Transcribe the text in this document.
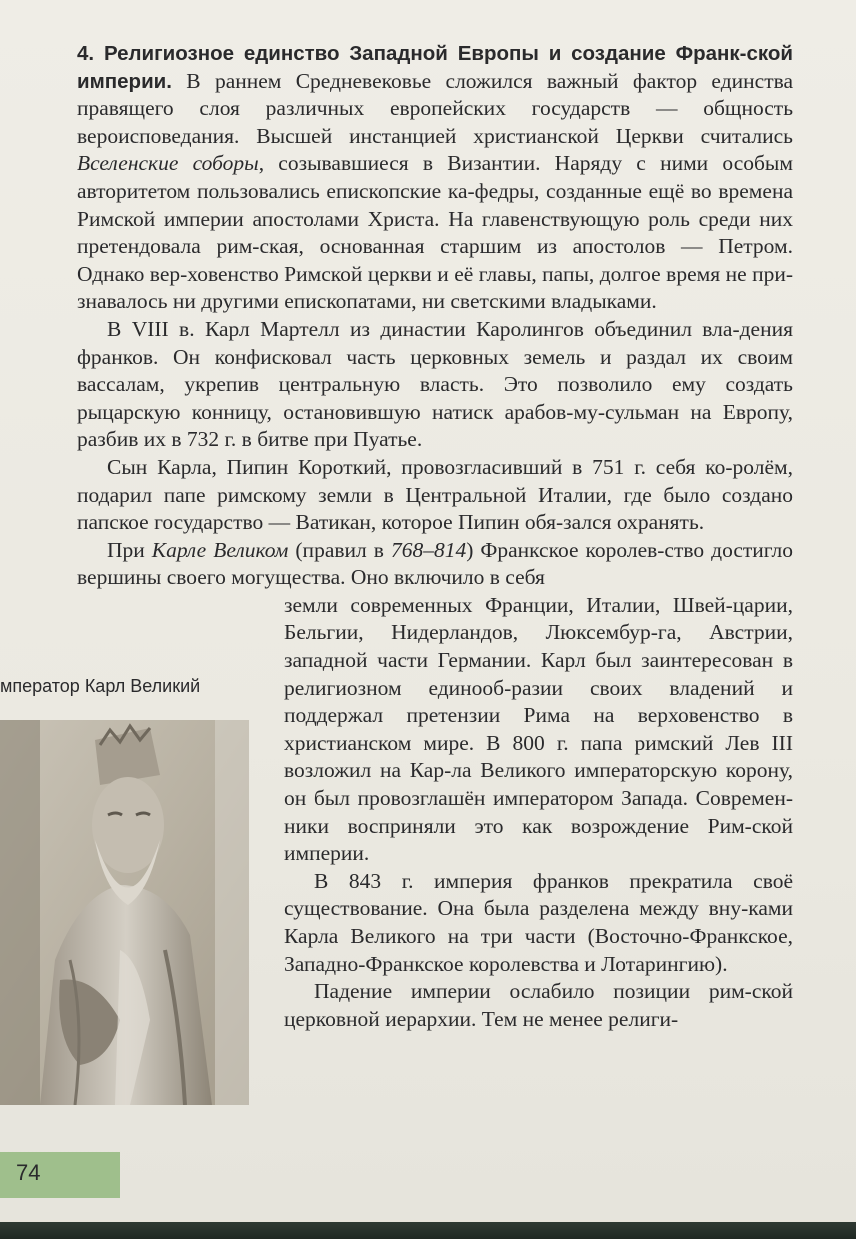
4. Религиозное единство Западной Европы и создание Франк-ской империи. В раннем Средневековье сложился важный фактор единства правящего слоя различных европейских государств — общность вероисповедания. Высшей инстанцией христианской Церкви считались Вселенские соборы, созывавшиеся в Византии. Наряду с ними особым авторитетом пользовались епископские ка-федры, созданные ещё во времена Римской империи апостолами Христа. На главенствующую роль среди них претендовала рим-ская, основанная старшим из апостолов — Петром. Однако вер-ховенство Римской церкви и её главы, папы, долгое время не при-знавалось ни другими епископатами, ни светскими владыками.

В VIII в. Карл Мартелл из династии Каролингов объединил вла-дения франков. Он конфисковал часть церковных земель и раздал их своим вассалам, укрепив центральную власть. Это позволило ему создать рыцарскую конницу, остановившую натиск арабов-му-сульман на Европу, разбив их в 732 г. в битве при Пуатье.

Сын Карла, Пипин Короткий, провозгласивший в 751 г. себя ко-ролём, подарил папе римскому земли в Центральной Италии, где было создано папское государство — Ватикан, которое Пипин обя-зался охранять.

При Карле Великом (правил в 768–814) Франкское королев-ство достигло вершины своего могущества. Оно включило в себя

земли современных Франции, Италии, Швей-царии, Бельгии, Нидерландов, Люксембур-га, Австрии, западной части Германии. Карл был заинтересован в религиозном единооб-разии своих владений и поддержал претензии Рима на верховенство в христианском мире. В 800 г. папа римский Лев III возложил на Кар-ла Великого императорскую корону, он был провозглашён императором Запада. Современ-ники восприняли это как возрождение Рим-ской империи.

В 843 г. империя франков прекратила своё существование. Она была разделена между вну-ками Карла Великого на три части (Восточно-Франкское, Западно-Франкское королевства и Лотарингию).

Падение империи ослабило позиции рим-ской церковной иерархии. Тем не менее религи-

мператор Карл Великий
74
